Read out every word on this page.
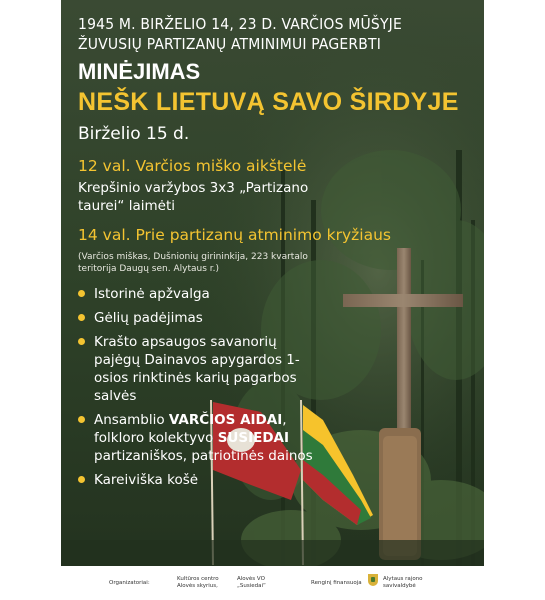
1945 M. BIRŽELIO 14, 23 D. VARČIOS MŪŠYJE
ŽUVUSIŲ PARTIZANŲ ATMINIMUI PAGERBTI
MINĖJIMAS
NEŠK LIETUVĄ SAVO ŠIRDYJE
Birželio 15 d.
12 val. Varčios miško aikštelė
Krepšinio varžybos 3x3 „Partizano taurei“ laimėti
14 val. Prie partizanų atminimo kryžiaus
(Varčios miškas, Dušnionių girininkija, 223 kvartalo teritorija Daugų sen. Alytaus r.)
Istorinė apžvalga
Gėlių padėjimas
Krašto apsaugos savanorių pajėgų Dainavos apygardos 1-osios rinktinės karių pagarbos salvės
Ansamblio VARČIOS AIDAI, folkloro kolektyvo SUSIEDAI partizaniškos, patriotinės dainos
Kareiviška košė
Organizatoriai:
Kultūros centro Alovės skyrius,
Alovės VO „Susiedai“	Renginį finansuoja
Alytaus rajono savivaldybė
